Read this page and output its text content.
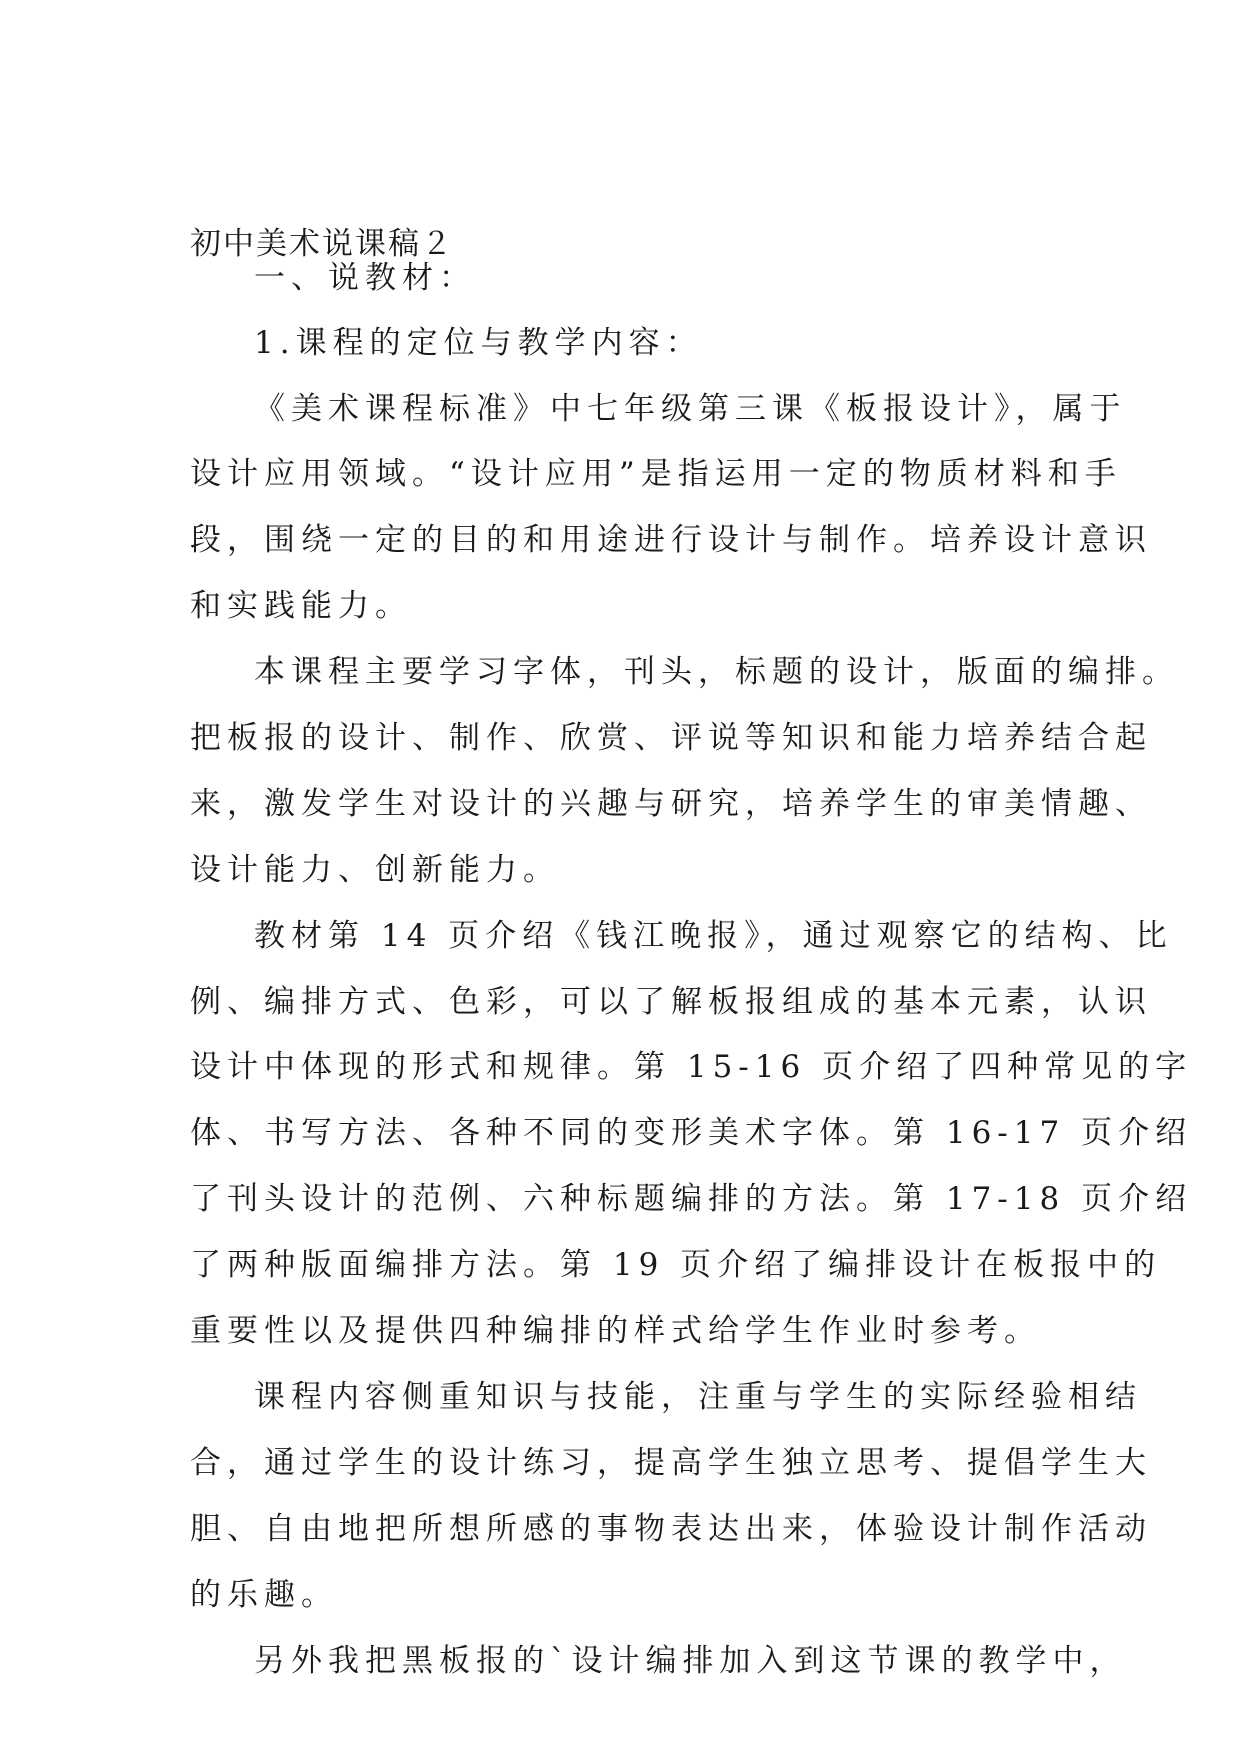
初中美术说课稿２
一、说教材：
1.课程的定位与教学内容：
《美术课程标准》中七年级第三课《板报设计》，属于
设计应用领域。“设计应用”是指运用一定的物质材料和手
段，围绕一定的目的和用途进行设计与制作。培养设计意识
和实践能力。
本课程主要学习字体，刊头，标题的设计，版面的编排。
把板报的设计、制作、欣赏、评说等知识和能力培养结合起
来，激发学生对设计的兴趣与研究，培养学生的审美情趣、
设计能力、创新能力。
教材第 14 页介绍《钱江晚报》，通过观察它的结构、比
例、编排方式、色彩，可以了解板报组成的基本元素，认识
设计中体现的形式和规律。第 15-16 页介绍了四种常见的字
体、书写方法、各种不同的变形美术字体。第 16-17 页介绍
了刊头设计的范例、六种标题编排的方法。第 17-18 页介绍
了两种版面编排方法。第 19 页介绍了编排设计在板报中的
重要性以及提供四种编排的样式给学生作业时参考。
课程内容侧重知识与技能，注重与学生的实际经验相结
合，通过学生的设计练习，提高学生独立思考、提倡学生大
胆、自由地把所想所感的事物表达出来，体验设计制作活动
的乐趣。
另外我把黑板报的`设计编排加入到这节课的教学中，
